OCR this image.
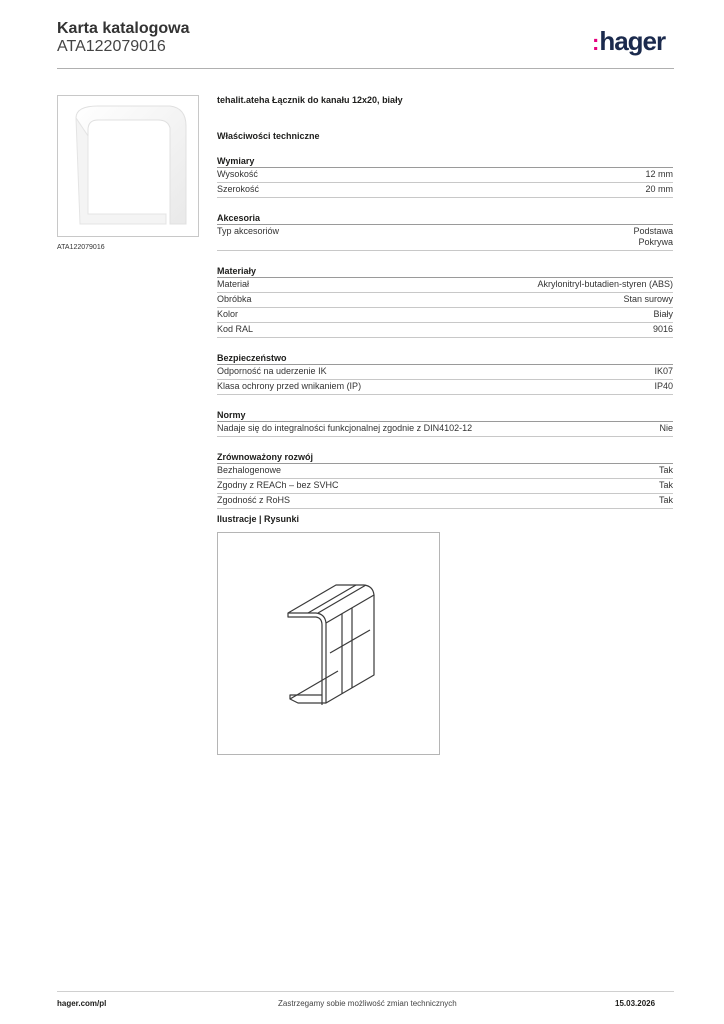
Karta katalogowa
ATA122079016	:hager
ATA122079016
tehalit.ateha Łącznik do kanału 12x20, biały
Właściwości techniczne
Wymiary
Wysokość	12 mm
Szerokość	20 mm
Akcesoria
Typ akcesoriów	Podstawa
Pokrywa
Materiały
Materiał	Akrylonitryl-butadien-styren (ABS)
Obróbka	Stan surowy
Kolor	Biały
Kod RAL	9016
Bezpieczeństwo
Odporność na uderzenie IK	IK07
Klasa ochrony przed wnikaniem (IP)	IP40
Normy
Nadaje się do integralności funkcjonalnej zgodnie z DIN4102-12	Nie
Zrównoważony rozwój
Bezhalogenowe	Tak
Zgodny z REACh – bez SVHC	Tak
Zgodność z RoHS	Tak
Ilustracje | Rysunki
hager.com/pl	Zastrzegamy sobie możliwość zmian technicznych	15.03.2026
